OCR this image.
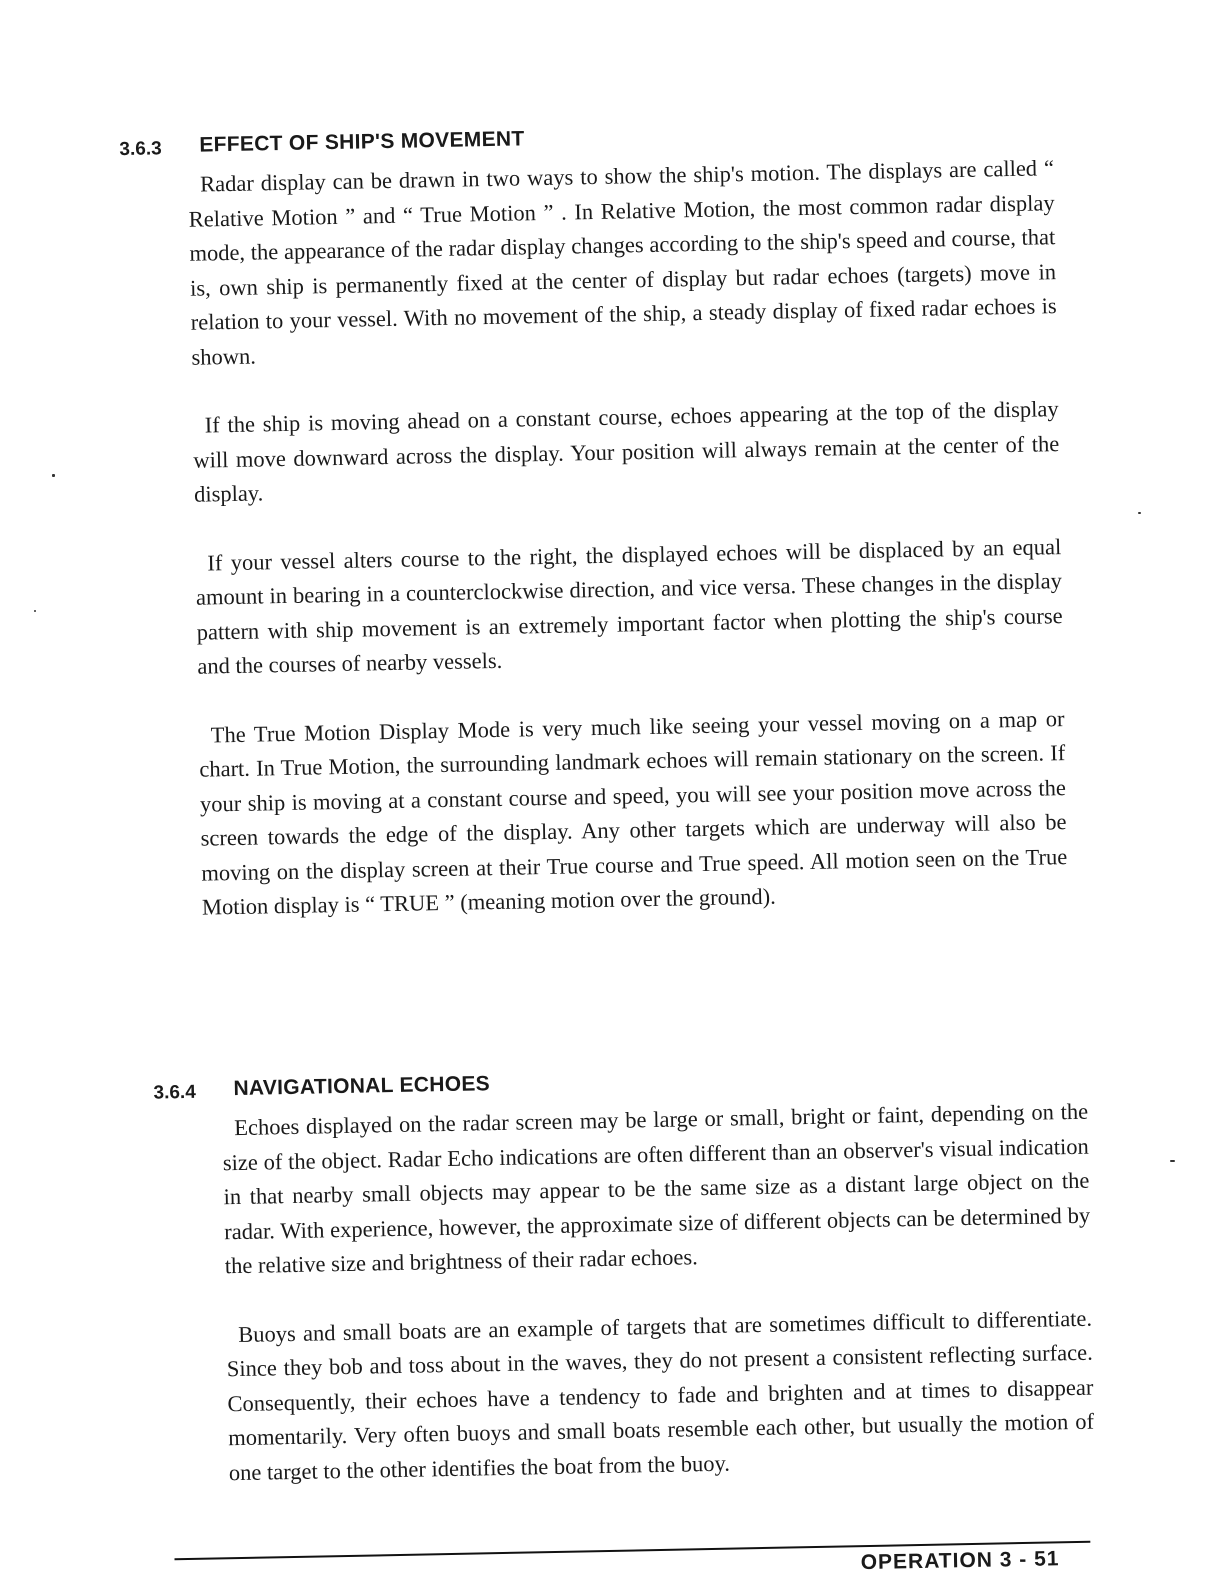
3.6.3 EFFECT OF SHIP'S MOVEMENT

Radar display can be drawn in two ways to show the ship's motion. The displays are called “ Relative Motion ” and “ True Motion ” . In Relative Motion, the most common radar display mode, the appearance of the radar display changes according to the ship's speed and course, that is, own ship is permanently fixed at the center of display but radar echoes (targets) move in relation to your vessel. With no movement of the ship, a steady display of fixed radar echoes is shown.

If the ship is moving ahead on a constant course, echoes appearing at the top of the display will move downward across the display. Your position will always remain at the center of the display.

If your vessel alters course to the right, the displayed echoes will be displaced by an equal amount in bearing in a counterclockwise direction, and vice versa. These changes in the display pattern with ship movement is an extremely important factor when plotting the ship's course and the courses of nearby vessels.

The True Motion Display Mode is very much like seeing your vessel moving on a map or chart. In True Motion, the surrounding landmark echoes will remain stationary on the screen. If your ship is moving at a constant course and speed, you will see your position move across the screen towards the edge of the display. Any other targets which are underway will also be moving on the display screen at their True course and True speed. All motion seen on the True Motion display is “ TRUE ” (meaning motion over the ground).

3.6.4 NAVIGATIONAL ECHOES

Echoes displayed on the radar screen may be large or small, bright or faint, depending on the size of the object. Radar Echo indications are often different than an observer's visual indication in that nearby small objects may appear to be the same size as a distant large object on the radar. With experience, however, the approximate size of different objects can be determined by the relative size and brightness of their radar echoes.

Buoys and small boats are an example of targets that are sometimes difficult to differentiate. Since they bob and toss about in the waves, they do not present a consistent reflecting surface. Consequently, their echoes have a tendency to fade and brighten and at times to disappear momentarily. Very often buoys and small boats resemble each other, but usually the motion of one target to the other identifies the boat from the buoy.

OPERATION 3 - 51
